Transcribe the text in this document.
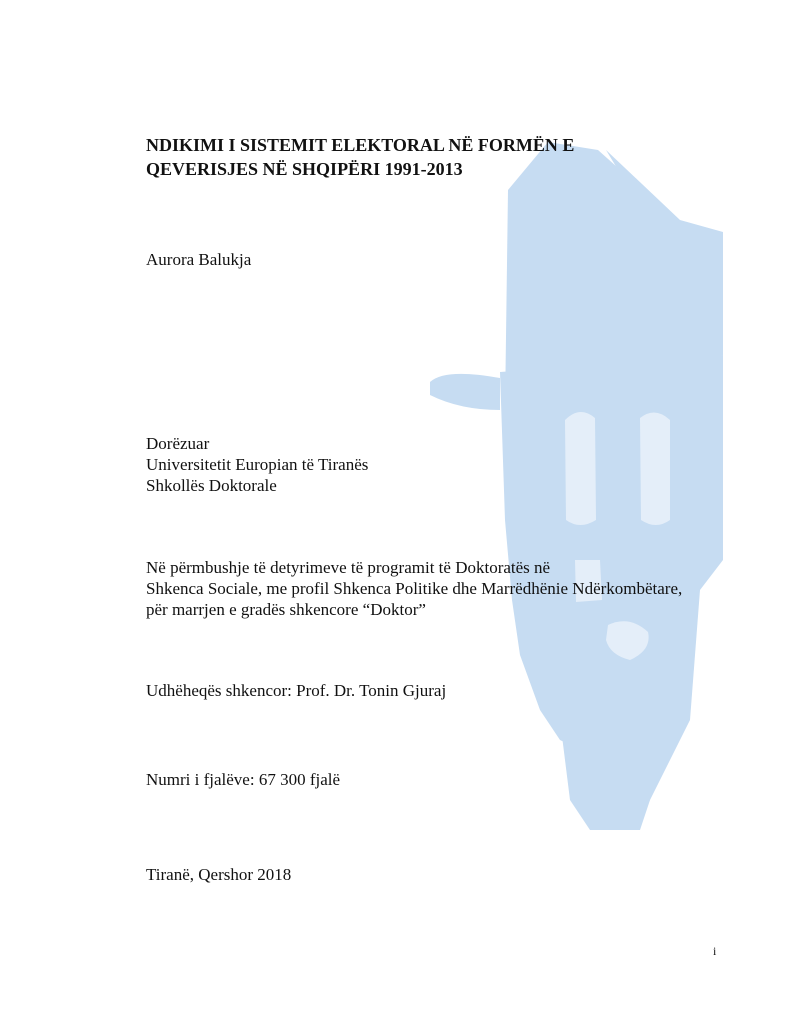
NDIKIMI I SISTEMIT ELEKTORAL NË FORMËN E
QEVERISJES NË SHQIPËRI 1991-2013
Aurora Balukja
Dorëzuar
Universitetit Europian të Tiranës
Shkollës Doktorale
Në përmbushje të detyrimeve të programit të Doktoratës në
Shkenca Sociale, me profil Shkenca Politike dhe Marrëdhënie Ndërkombëtare,
për marrjen e gradës shkencore “Doktor”
Udhëheqës shkencor: Prof. Dr. Tonin Gjuraj
Numri i fjalëve: 67 300 fjalë
Tiranë, Qershor 2018
i
